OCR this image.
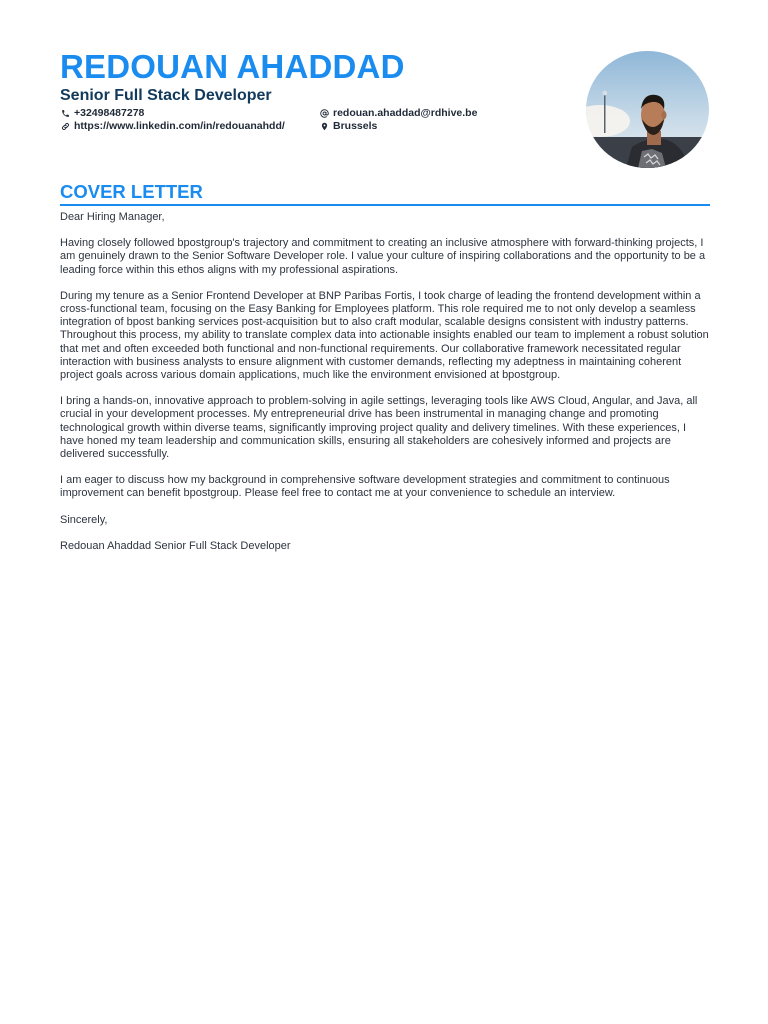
REDOUAN AHADDAD
Senior Full Stack Developer
+32498487278
https://www.linkedin.com/in/redouanahdd/
redouan.ahaddad@rdhive.be
Brussels
COVER LETTER

Dear Hiring Manager,

Having closely followed bpostgroup's trajectory and commitment to creating an inclusive atmosphere with forward-thinking projects, I am genuinely drawn to the Senior Software Developer role. I value your culture of inspiring collaborations and the opportunity to be a leading force within this ethos aligns with my professional aspirations.

During my tenure as a Senior Frontend Developer at BNP Paribas Fortis, I took charge of leading the frontend development within a cross-functional team, focusing on the Easy Banking for Employees platform. This role required me to not only develop a seamless integration of bpost banking services post-acquisition but to also craft modular, scalable designs consistent with industry patterns. Throughout this process, my ability to translate complex data into actionable insights enabled our team to implement a robust solution that met and often exceeded both functional and non-functional requirements. Our collaborative framework necessitated regular interaction with business analysts to ensure alignment with customer demands, reflecting my adeptness in maintaining coherent project goals across various domain applications, much like the environment envisioned at bpostgroup.

I bring a hands-on, innovative approach to problem-solving in agile settings, leveraging tools like AWS Cloud, Angular, and Java, all crucial in your development processes. My entrepreneurial drive has been instrumental in managing change and promoting technological growth within diverse teams, significantly improving project quality and delivery timelines. With these experiences, I have honed my team leadership and communication skills, ensuring all stakeholders are cohesively informed and projects are delivered successfully.

I am eager to discuss how my background in comprehensive software development strategies and commitment to continuous improvement can benefit bpostgroup. Please feel free to contact me at your convenience to schedule an interview.

Sincerely,

Redouan Ahaddad Senior Full Stack Developer
